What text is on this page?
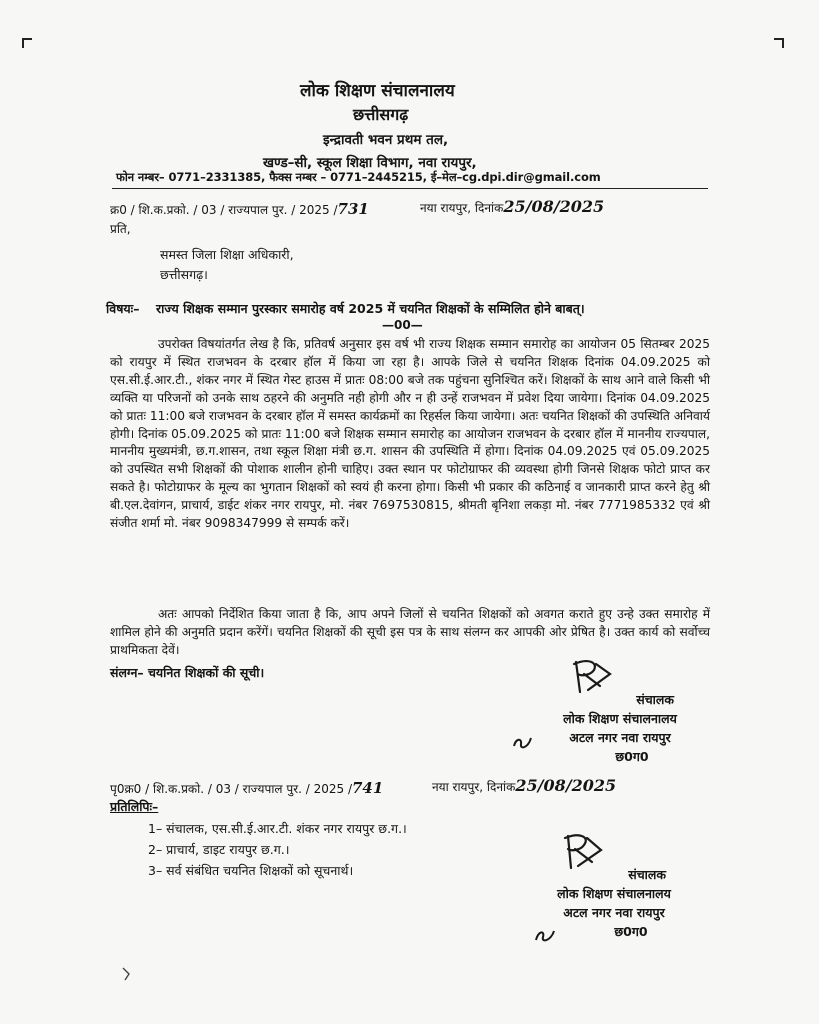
लोक शिक्षण संचालनालय
छत्तीसगढ़
इन्द्रावती भवन प्रथम तल,
खण्ड–सी, स्कूल शिक्षा विभाग, नवा रायपुर,
फोन नम्बर– 0771–2331385, फैक्स नम्बर – 0771–2445215, ई–मेल–cg.dpi.dir@gmail.com
क्र0 / शि.क.प्रको. / 03 / राज्यपाल पुर. / 2025 /731	नया रायपुर, दिनांक25/08/2025
प्रति,
समस्त जिला शिक्षा अधिकारी,
छत्तीसगढ़।
विषयः– राज्य शिक्षक सम्मान पुरस्कार समारोह वर्ष 2025 में चयनित शिक्षकों के सम्मिलित होने बाबत्।
—00—
उपरोक्त विषयांतर्गत लेख है कि, प्रतिवर्ष अनुसार इस वर्ष भी राज्य शिक्षक सम्मान समारोह का आयोजन 05 सितम्बर 2025 को रायपुर में स्थित राजभवन के दरबार हॉल में किया जा रहा है। आपके जिले से चयनित शिक्षक दिनांक 04.09.2025 को एस.सी.ई.आर.टी., शंकर नगर में स्थित गेस्ट हाउस में प्रातः 08:00 बजे तक पहुंचना सुनिश्चित करें। शिक्षकों के साथ आने वाले किसी भी व्यक्ति या परिजनों को उनके साथ ठहरने की अनुमति नही होगी और न ही उन्हें राजभवन में प्रवेश दिया जायेगा। दिनांक 04.09.2025 को प्रातः 11:00 बजे राजभवन के दरबार हॉल में समस्त कार्यक्रमों का रिहर्सल किया जायेगा। अतः चयनित शिक्षकों की उपस्थिति अनिवार्य होगी। दिनांक 05.09.2025 को प्रातः 11:00 बजे शिक्षक सम्मान समारोह का आयोजन राजभवन के दरबार हॉल में माननीय राज्यपाल, माननीय मुख्यमंत्री, छ.ग.शासन, तथा स्कूल शिक्षा मंत्री छ.ग. शासन की उपस्थिति में होगा। दिनांक 04.09.2025 एवं 05.09.2025 को उपस्थित सभी शिक्षकों की पोशाक शालीन होनी चाहिए। उक्त स्थान पर फोटोग्राफर की व्यवस्था होगी जिनसे शिक्षक फोटो प्राप्त कर सकते है। फोटोग्राफर के मूल्य का भुगतान शिक्षकों को स्वयं ही करना होगा। किसी भी प्रकार की कठिनाई व जानकारी प्राप्त करने हेतु श्री बी.एल.देवांगन, प्राचार्य, डाईट शंकर नगर रायपुर, मो. नंबर 7697530815, श्रीमती बृनिशा लकड़ा मो. नंबर 7771985332 एवं श्री संजीत शर्मा मो. नंबर 9098347999 से सम्पर्क करें।
अतः आपको निर्देशित किया जाता है कि, आप अपने जिलों से चयनित शिक्षकों को अवगत कराते हुए उन्हे उक्त समारोह में शामिल होने की अनुमति प्रदान करेंगें। चयनित शिक्षकों की सूची इस पत्र के साथ संलग्न कर आपकी ओर प्रेषित है। उक्त कार्य को सर्वोच्च प्राथमिकता देवें।
संलग्न– चयनित शिक्षकों की सूची।
संचालक
लोक शिक्षण संचालनालय
अटल नगर नवा रायपुर
छ0ग0
पृ0क्र0 / शि.क.प्रको. / 03 / राज्यपाल पुर. / 2025 /741	नया रायपुर, दिनांक25/08/2025
प्रतिलिपिः–
1– संचालक, एस.सी.ई.आर.टी. शंकर नगर रायपुर छ.ग.।
2– प्राचार्य, डाइट रायपुर छ.ग.।
3– सर्व संबंधित चयनित शिक्षकों को सूचनार्थ।	संचालक
लोक शिक्षण संचालनालय
अटल नगर नवा रायपुर
छ0ग0
